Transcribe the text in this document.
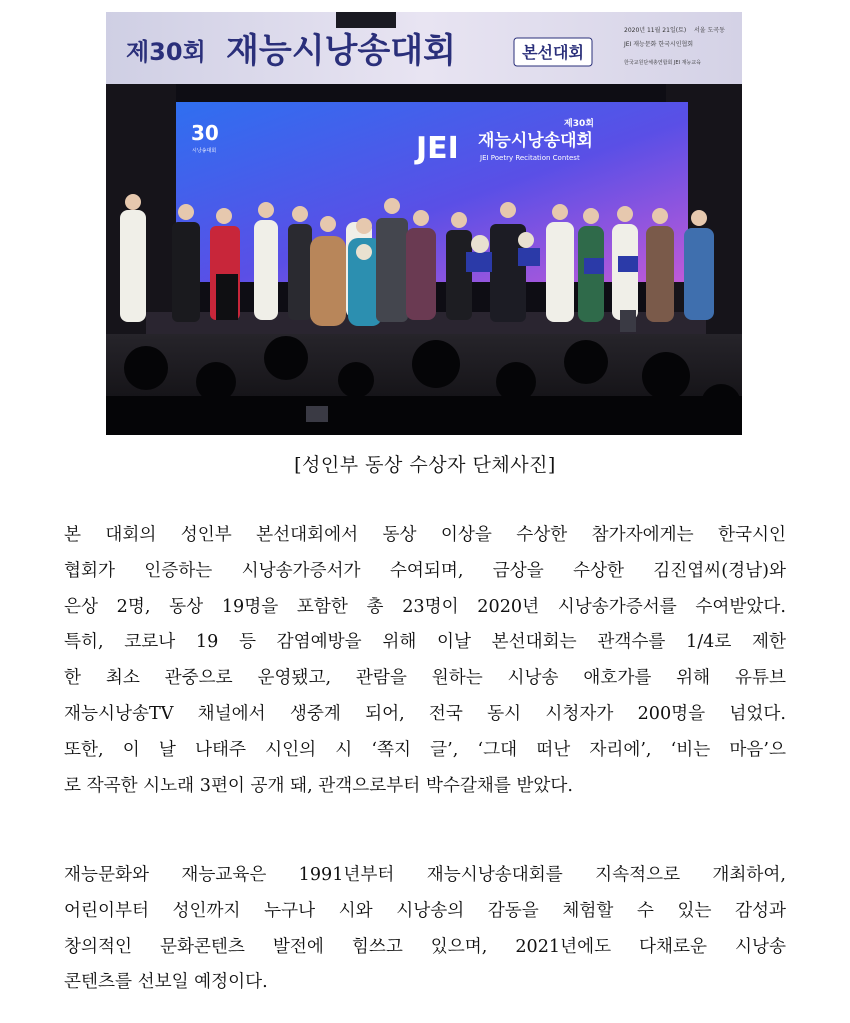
제30회 재능시낭송대회	본선대회
2020년 11월 21일(토) 서울 도곡동
JEI 재능문화 한국시인협회
한국교원단체총연합회 JEI 재능교육
30
시낭송대회
제30회
JEI 재능시낭송대회
JEI Poetry Recitation Contest
[성인부 동상 수상자 단체사진]

본 대회의 성인부 본선대회에서 동상 이상을 수상한 참가자에게는 한국시인
협회가 인증하는 시낭송가증서가 수여되며, 금상을 수상한 김진엽씨(경남)와
은상 2명, 동상 19명을 포함한 총 23명이 2020년 시낭송가증서를 수여받았다.
특히, 코로나 19 등 감염예방을 위해 이날 본선대회는 관객수를 1/4로 제한
한 최소 관중으로 운영됐고, 관람을 원하는 시낭송 애호가를 위해 유튜브
재능시낭송TV 채널에서 생중계 되어, 전국 동시 시청자가 200명을 넘었다.
또한, 이 날 나태주 시인의 시 ‘쪽지 글’, ‘그대 떠난 자리에’, ‘비는 마음’으
로 작곡한 시노래 3편이 공개 돼, 관객으로부터 박수갈채를 받았다.

재능문화와 재능교육은 1991년부터 재능시낭송대회를 지속적으로 개최하여,
어린이부터 성인까지 누구나 시와 시낭송의 감동을 체험할 수 있는 감성과
창의적인 문화콘텐츠 발전에 힘쓰고 있으며, 2021년에도 다채로운 시낭송
콘텐츠를 선보일 예정이다.
